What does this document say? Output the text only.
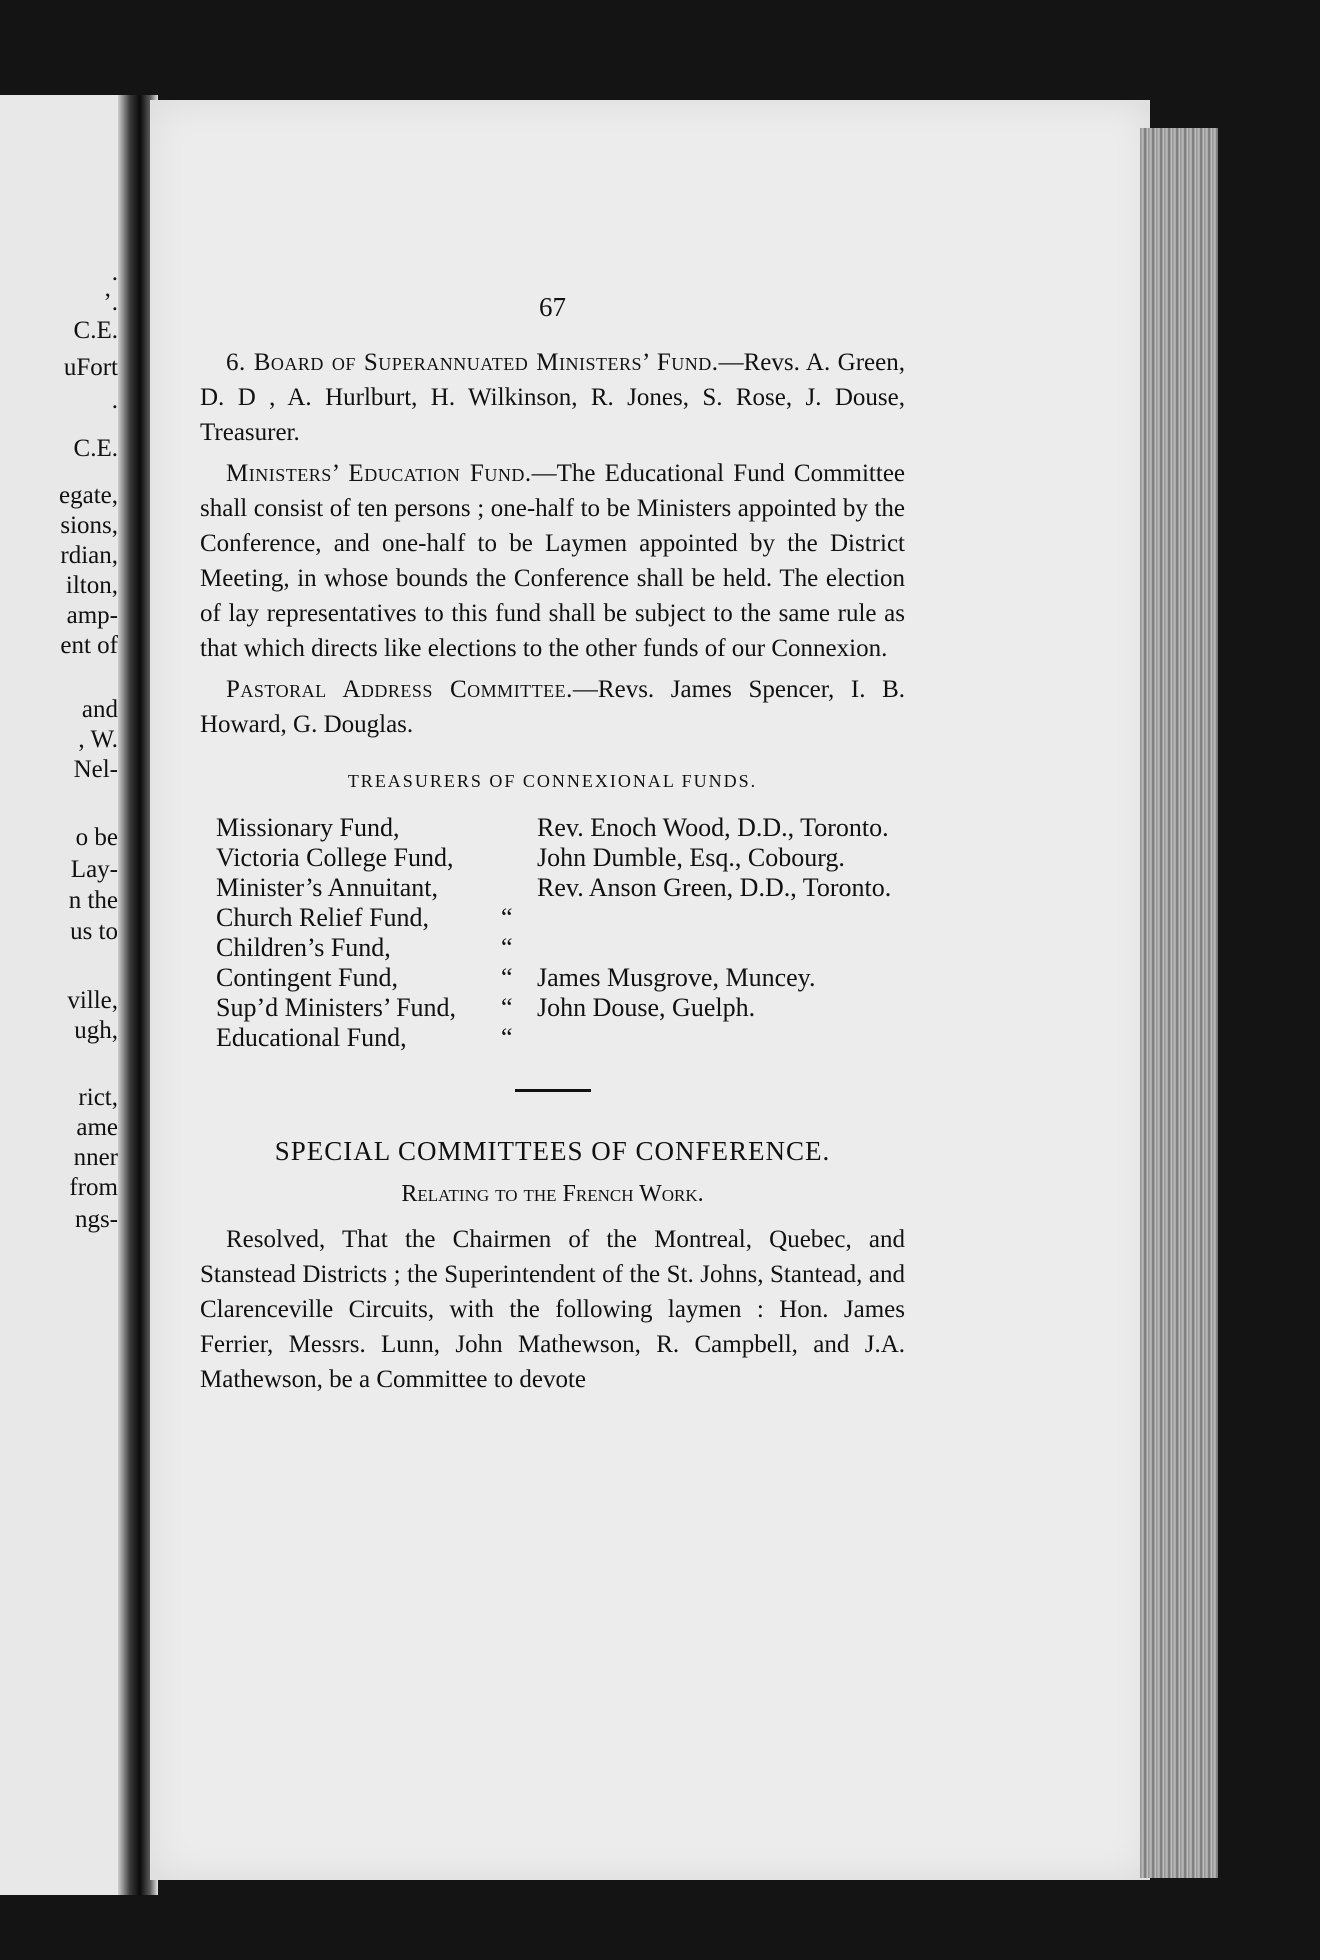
.
’.
C.E.
uFort
.
C.E.
egate,
sions,
rdian,
ilton,
amp-
ent of
and
, W.
Nel-
o be
Lay-
n the
us to
ville,
ugh,
rict,
ame
nner
from
ngs-
67

6. Board of Superannuated Ministers’ Fund.—Revs. A. Green, D. D , A. Hurlburt, H. Wilkinson, R. Jones, S. Rose, J. Douse, Treasurer.

Ministers’ Education Fund.—The Educational Fund Committee shall consist of ten persons ; one-half to be Ministers appointed by the Conference, and one-half to be Laymen appointed by the District Meeting, in whose bounds the Conference shall be held. The election of lay representatives to this fund shall be subject to the same rule as that which directs like elections to the other funds of our Connexion.

Pastoral Address Committee.—Revs. James Spencer, I. B. Howard, G. Douglas.

TREASURERS OF CONNEXIONAL FUNDS.
Missionary Fund,		Rev. Enoch Wood, D.D., Toronto.
Victoria College Fund,		John Dumble, Esq., Cobourg.
Minister’s Annuitant,		Rev. Anson Green, D.D., Toronto.
Church Relief Fund,	“	
Children’s Fund,	“	
Contingent Fund,	“	James Musgrove, Muncey.
Sup’d Ministers’ Fund,	“	John Douse, Guelph.
Educational Fund,	“	
SPECIAL COMMITTEES OF CONFERENCE.
Relating to the French Work.

Resolved, That the Chairmen of the Montreal, Quebec, and Stanstead Districts ; the Superintendent of the St. Johns, Stantead, and Clarenceville Circuits, with the following laymen : Hon. James Ferrier, Messrs. Lunn, John Mathewson, R. Campbell, and J.A. Mathewson, be a Committee to devote
